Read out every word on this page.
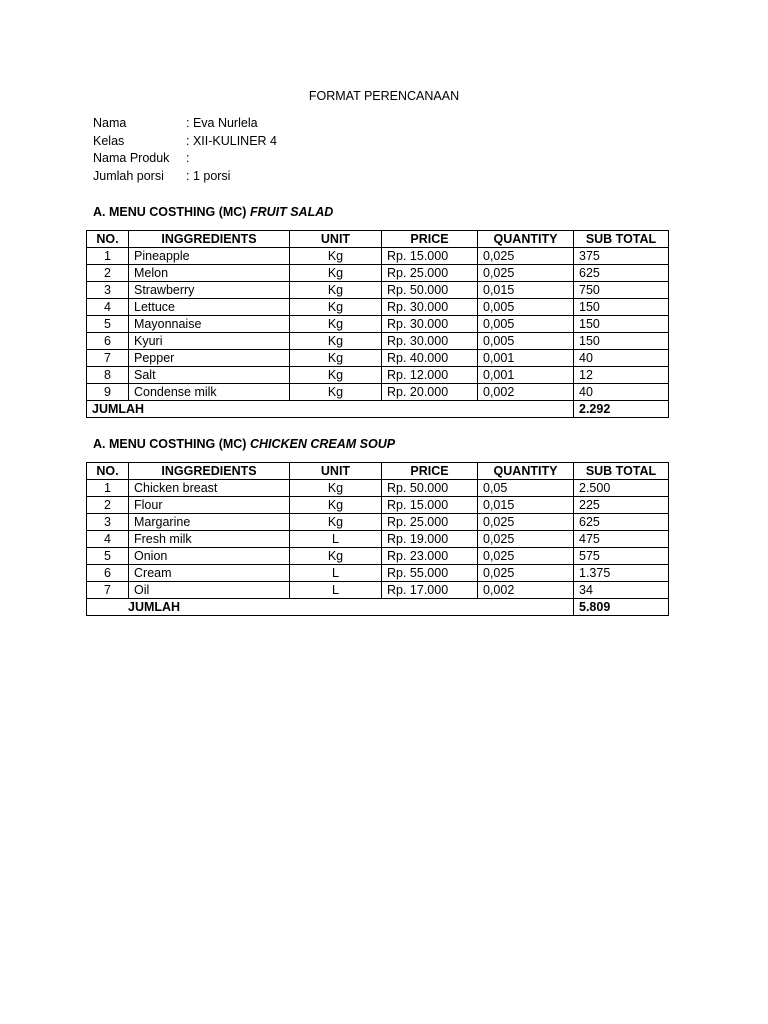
FORMAT PERENCANAAN
Nama	: Eva Nurlela
Kelas	: XII-KULINER 4
Nama Produk :
Jumlah porsi : 1 porsi
A. MENU COSTHING (MC) FRUIT SALAD
NO.	INGGREDIENTS	UNIT	PRICE	QUANTITY	SUB TOTAL
1	Pineapple	Kg	Rp. 15.000	0,025	375
2	Melon	Kg	Rp. 25.000	0,025	625
3	Strawberry	Kg	Rp. 50.000	0,015	750
4	Lettuce	Kg	Rp. 30.000	0,005	150
5	Mayonnaise	Kg	Rp. 30.000	0,005	150
6	Kyuri	Kg	Rp. 30.000	0,005	150
7	Pepper	Kg	Rp. 40.000	0,001	40
8	Salt	Kg	Rp. 12.000	0,001	12
9	Condense milk	Kg	Rp. 20.000	0,002	40
JUMLAH					2.292
A. MENU COSTHING (MC) CHICKEN CREAM SOUP
NO.	INGGREDIENTS	UNIT	PRICE	QUANTITY	SUB TOTAL
1	Chicken breast	Kg	Rp. 50.000	0,05	2.500
2	Flour	Kg	Rp. 15.000	0,015	225
3	Margarine	Kg	Rp. 25.000	0,025	625
4	Fresh milk	L	Rp. 19.000	0,025	475
5	Onion	Kg	Rp. 23.000	0,025	575
6	Cream	L	Rp. 55.000	0,025	1.375
7	Oil	L	Rp. 17.000	0,002	34
JUMLAH					5.809
